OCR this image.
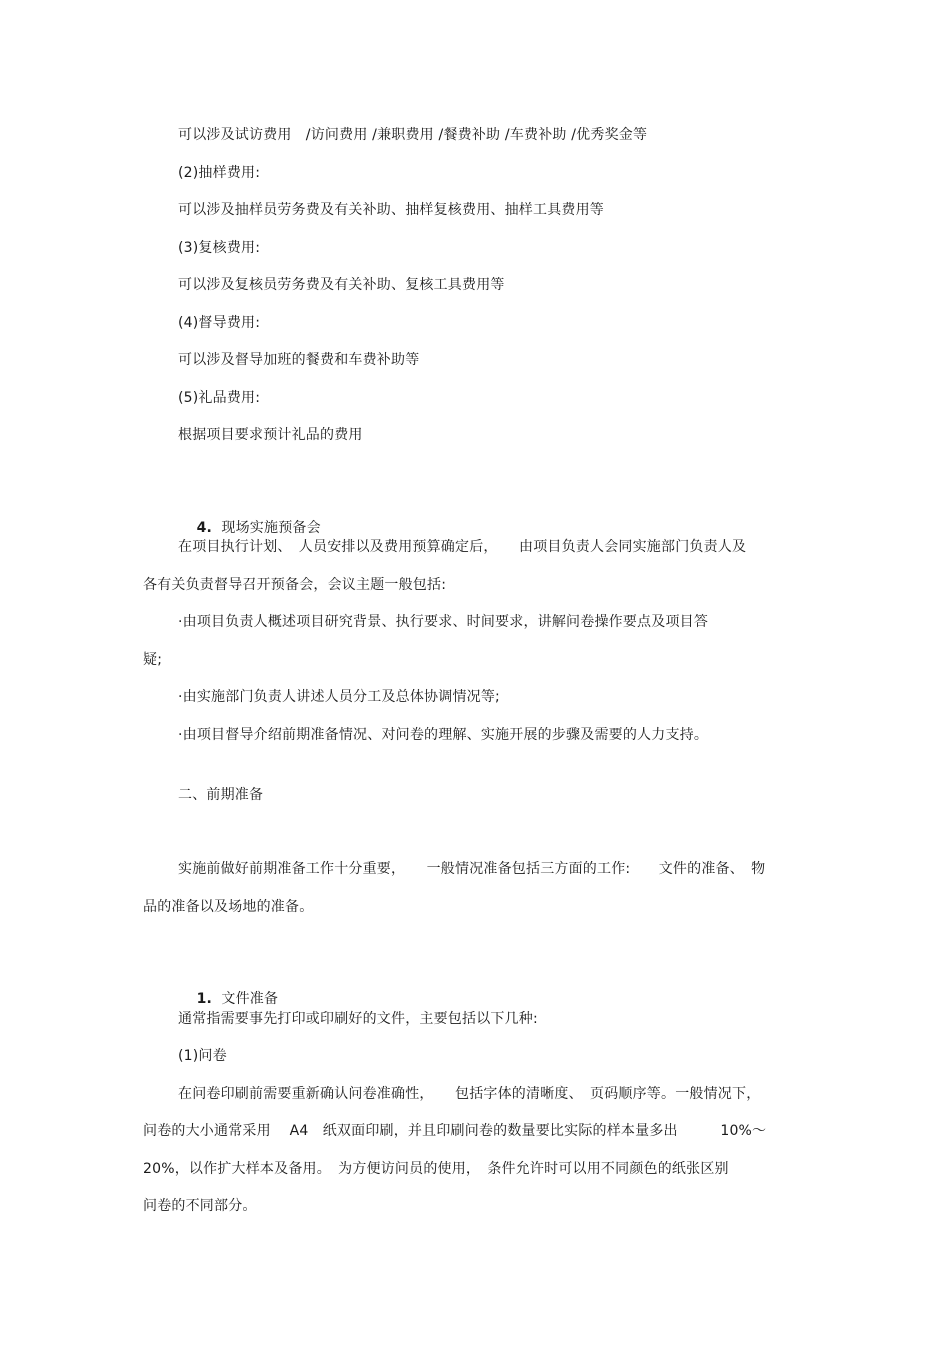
可以涉及试访费用　/访问费用 /兼职费用 /餐费补助 /车费补助 /优秀奖金等
(2)抽样费用:
可以涉及抽样员劳务费及有关补助、抽样复核费用、抽样工具费用等
(3)复核费用:
可以涉及复核员劳务费及有关补助、复核工具费用等
(4)督导费用:
可以涉及督导加班的餐费和车费补助等
(5)礼品费用:
根据项目要求预计礼品的费用

4. 现场实施预备会

在项目执行计划、　人员安排以及费用预算确定后，　　由项目负责人会同实施部门负责人及
各有关负责督导召开预备会，会议主题一般包括:
·由项目负责人概述项目研究背景、执行要求、时间要求，讲解问卷操作要点及项目答
疑;
·由实施部门负责人讲述人员分工及总体协调情况等;
·由项目督导介绍前期准备情况、对问卷的理解、实施开展的步骤及需要的人力支持。
二、前期准备
实施前做好前期准备工作十分重要，　　一般情况准备包括三方面的工作:　　文件的准备、　物
品的准备以及场地的准备。

1. 文件准备

通常指需要事先打印或印刷好的文件，主要包括以下几种:
(1)问卷
在问卷印刷前需要重新确认问卷准确性，　　包括字体的清晰度、　页码顺序等。一般情况下，
问卷的大小通常采用　 A4　纸双面印刷，并且印刷问卷的数量要比实际的样本量多出　　　10%～
20%，以作扩大样本及备用。　为方便访问员的使用，　条件允许时可以用不同颜色的纸张区别
问卷的不同部分。
